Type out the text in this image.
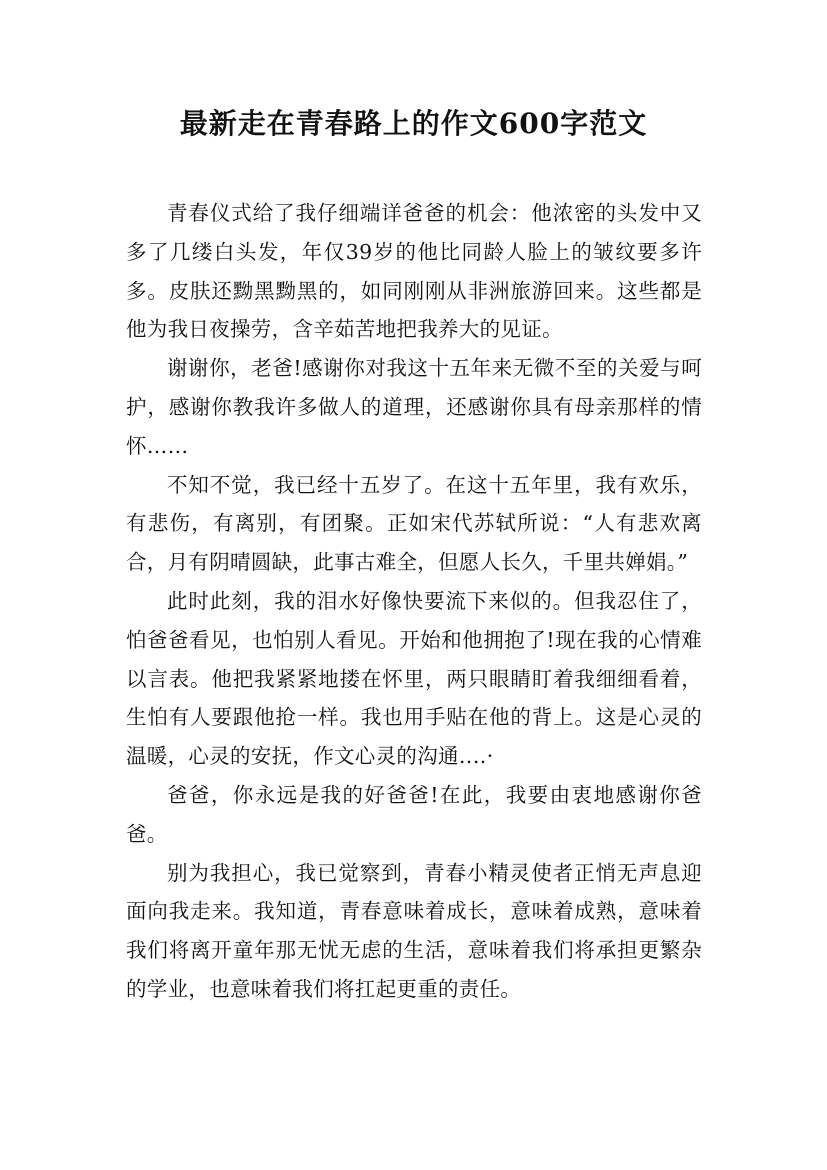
最新走在青春路上的作文600字范文

青春仪式给了我仔细端详爸爸的机会：他浓密的头发中又多了几缕白头发，年仅39岁的他比同龄人脸上的皱纹要多许多。皮肤还黝黑黝黑的，如同刚刚从非洲旅游回来。这些都是他为我日夜操劳，含辛茹苦地把我养大的见证。

谢谢你，老爸!感谢你对我这十五年来无微不至的关爱与呵护，感谢你教我许多做人的道理，还感谢你具有母亲那样的情怀……

不知不觉，我已经十五岁了。在这十五年里，我有欢乐，有悲伤，有离别，有团聚。正如宋代苏轼所说：“人有悲欢离合，月有阴晴圆缺，此事古难全，但愿人长久，千里共婵娟。”

此时此刻，我的泪水好像快要流下来似的。但我忍住了，怕爸爸看见，也怕别人看见。开始和他拥抱了!现在我的心情难以言表。他把我紧紧地搂在怀里，两只眼睛盯着我细细看着，生怕有人要跟他抢一样。我也用手贴在他的背上。这是心灵的温暖，心灵的安抚，作文心灵的沟通‥‥·

爸爸，你永远是我的好爸爸!在此，我要由衷地感谢你爸爸。

别为我担心，我已觉察到，青春小精灵使者正悄无声息迎面向我走来。我知道，青春意味着成长，意味着成熟，意味着我们将离开童年那无忧无虑的生活，意味着我们将承担更繁杂的学业，也意味着我们将扛起更重的责任。
